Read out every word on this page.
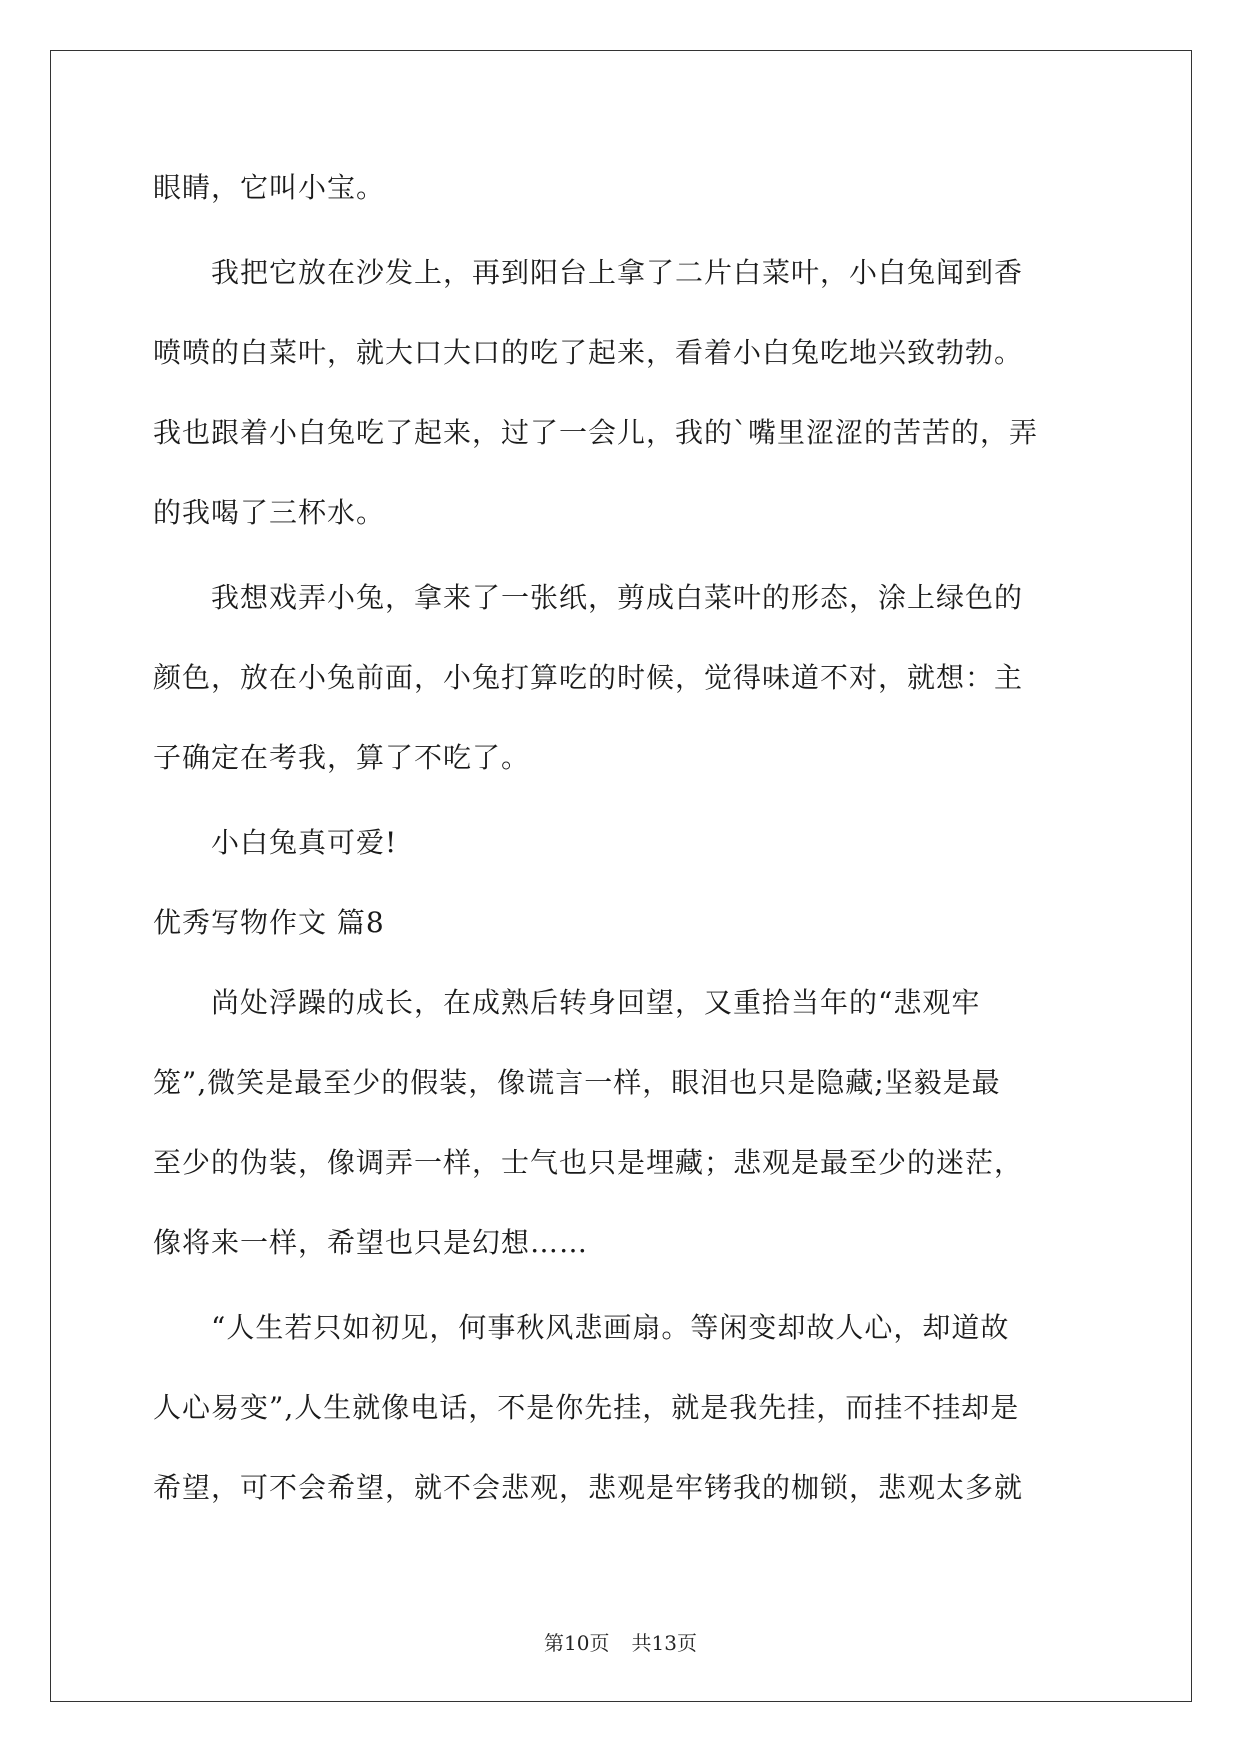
眼睛，它叫小宝。
　　我把它放在沙发上，再到阳台上拿了二片白菜叶，小白兔闻到香
喷喷的白菜叶，就大口大口的吃了起来，看着小白兔吃地兴致勃勃。
我也跟着小白兔吃了起来，过了一会儿，我的`嘴里涩涩的苦苦的，弄
的我喝了三杯水。
　　我想戏弄小兔，拿来了一张纸，剪成白菜叶的形态，涂上绿色的
颜色，放在小兔前面，小兔打算吃的时候，觉得味道不对，就想：主
子确定在考我，算了不吃了。
　　小白兔真可爱!
优秀写物作文 篇8
　　尚处浮躁的成长，在成熟后转身回望，又重拾当年的“悲观牢
笼”,微笑是最至少的假装，像谎言一样，眼泪也只是隐藏;坚毅是最
至少的伪装，像调弄一样，士气也只是埋藏；悲观是最至少的迷茫，
像将来一样，希望也只是幻想……
　　“人生若只如初见，何事秋风悲画扇。等闲变却故人心，却道故
人心易变”,人生就像电话，不是你先挂，就是我先挂，而挂不挂却是
希望，可不会希望，就不会悲观，悲观是牢铐我的枷锁，悲观太多就
第10页 共13页
